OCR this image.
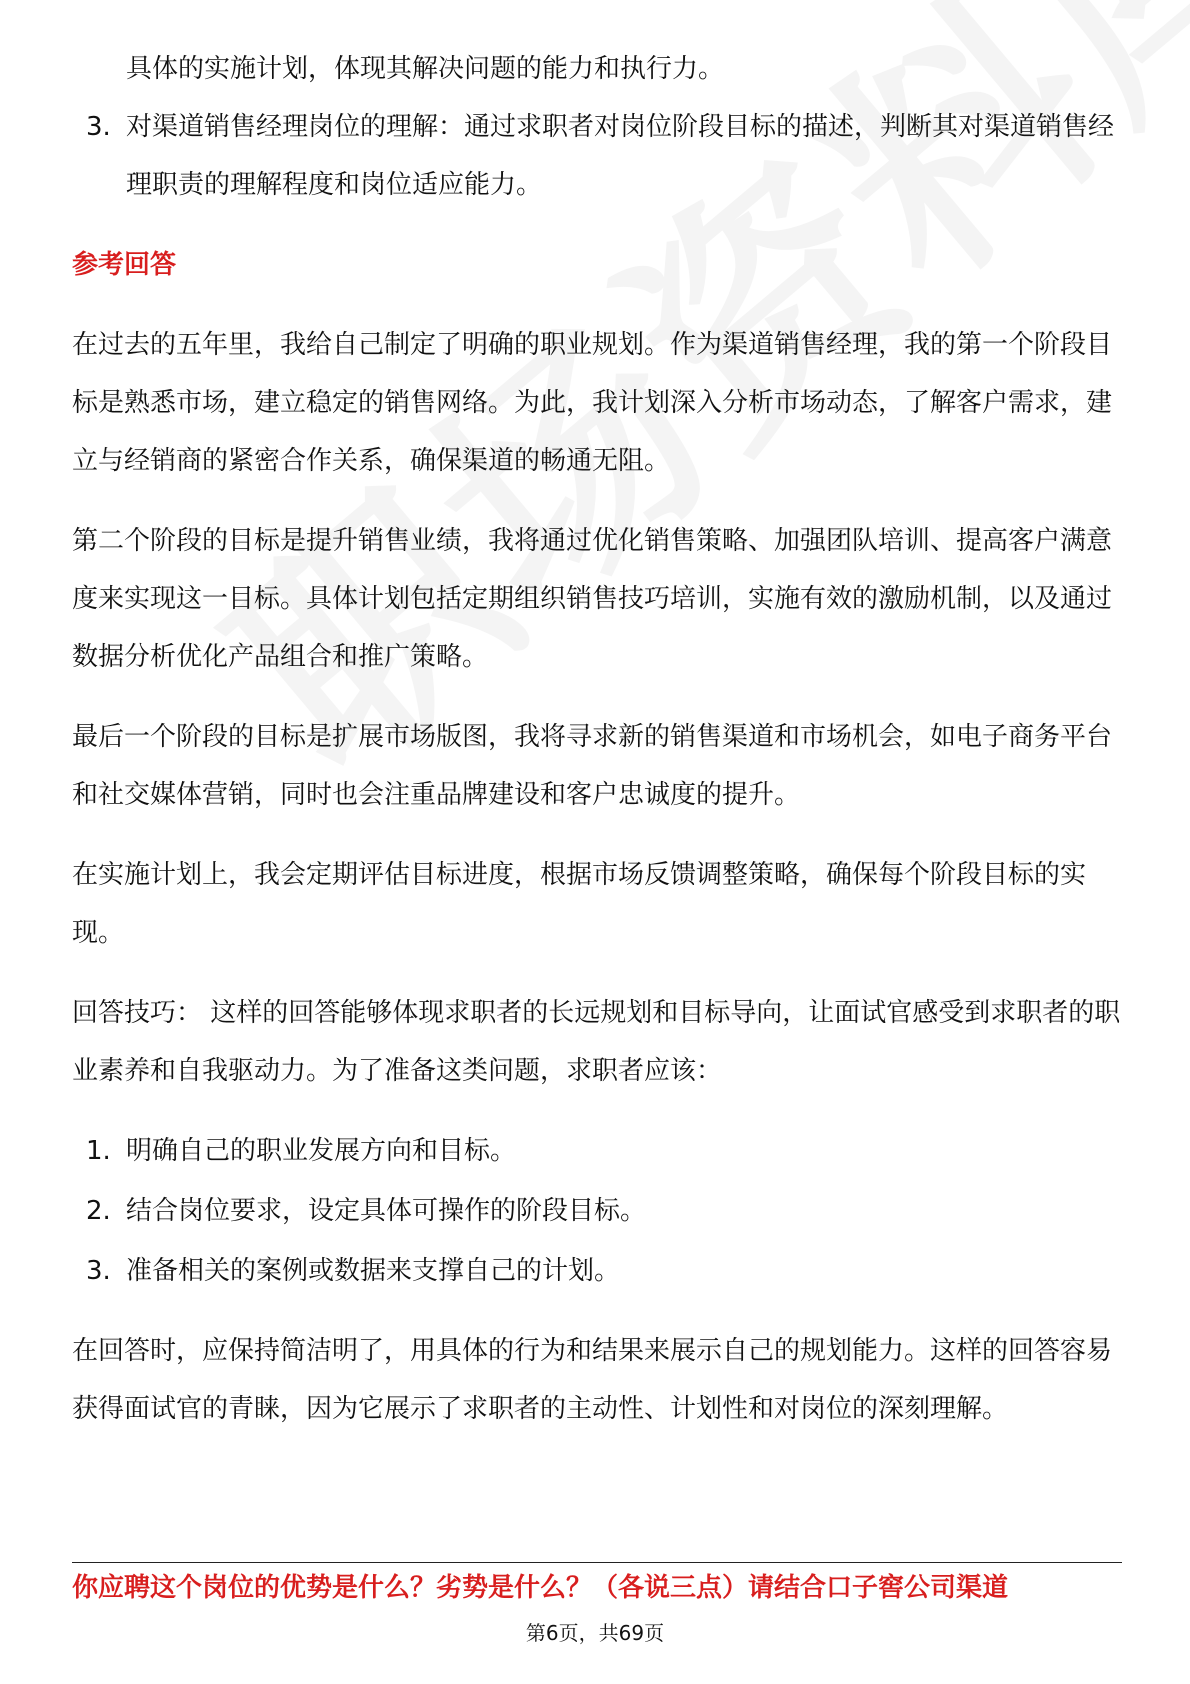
具体的实施计划，体现其解决问题的能力和执行力。
3. 对渠道销售经理岗位的理解：通过求职者对岗位阶段目标的描述，判断其对渠道销售经理职责的理解程度和岗位适应能力。
参考回答

在过去的五年里，我给自己制定了明确的职业规划。作为渠道销售经理，我的第一个阶段目标是熟悉市场，建立稳定的销售网络。为此，我计划深入分析市场动态，了解客户需求，建立与经销商的紧密合作关系，确保渠道的畅通无阻。

第二个阶段的目标是提升销售业绩，我将通过优化销售策略、加强团队培训、提高客户满意度来实现这一目标。具体计划包括定期组织销售技巧培训，实施有效的激励机制，以及通过数据分析优化产品组合和推广策略。

最后一个阶段的目标是扩展市场版图，我将寻求新的销售渠道和市场机会，如电子商务平台和社交媒体营销，同时也会注重品牌建设和客户忠诚度的提升。

在实施计划上，我会定期评估目标进度，根据市场反馈调整策略，确保每个阶段目标的实现。

回答技巧： 这样的回答能够体现求职者的长远规划和目标导向，让面试官感受到求职者的职业素养和自我驱动力。为了准备这类问题，求职者应该：

1. 明确自己的职业发展方向和目标。
2. 结合岗位要求，设定具体可操作的阶段目标。
3. 准备相关的案例或数据来支撑自己的计划。

在回答时，应保持简洁明了，用具体的行为和结果来展示自己的规划能力。这样的回答容易获得面试官的青睐，因为它展示了求职者的主动性、计划性和对岗位的深刻理解。

你应聘这个岗位的优势是什么？劣势是什么？（各说三点）请结合口子窖公司渠道
第6页，共69页
